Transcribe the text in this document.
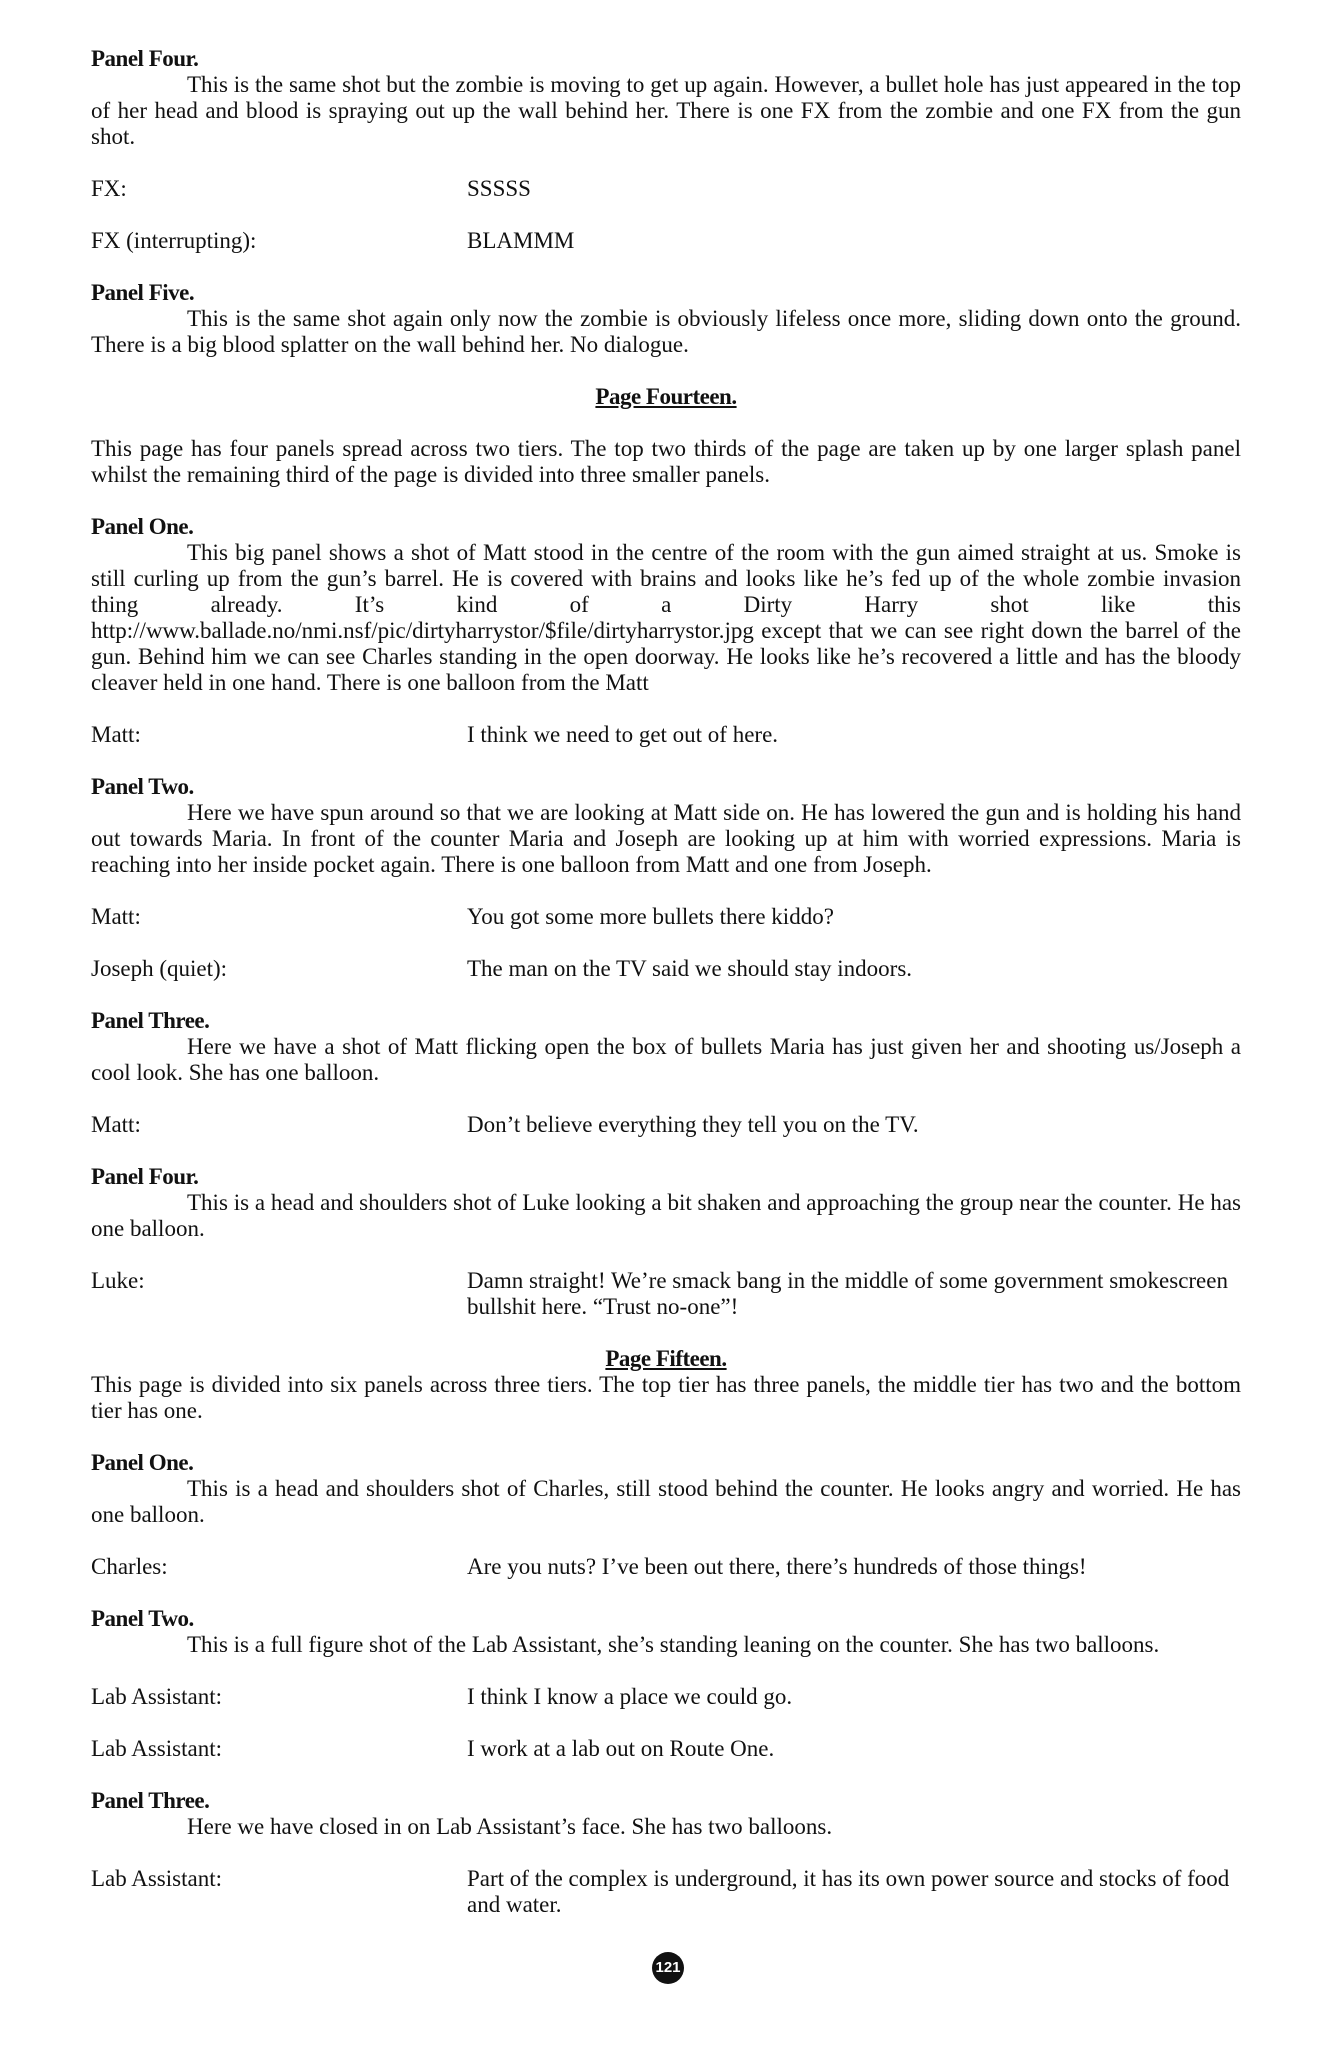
Panel Four.

This is the same shot but the zombie is moving to get up again. However, a bullet hole has just appeared in the top of her head and blood is spraying out up the wall behind her. There is one FX from the zombie and one FX from the gun shot.

FX:	SSSSS
FX (interrupting):	BLAMMM
Panel Five.

This is the same shot again only now the zombie is obviously lifeless once more, sliding down onto the ground. There is a big blood splatter on the wall behind her. No dialogue.

Page Fourteen.

This page has four panels spread across two tiers. The top two thirds of the page are taken up by one larger splash panel whilst the remaining third of the page is divided into three smaller panels.

Panel One.

This big panel shows a shot of Matt stood in the centre of the room with the gun aimed straight at us. Smoke is still curling up from the gun’s barrel. He is covered with brains and looks like he’s fed up of the whole zombie invasion thing already. It’s kind of a Dirty Harry shot like this http://www.ballade.no/nmi.nsf/pic/dirtyharrystor/$file/dirtyharrystor.jpg except that we can see right down the barrel of the gun. Behind him we can see Charles standing in the open doorway. He looks like he’s recovered a little and has the bloody cleaver held in one hand. There is one balloon from the Matt

Matt:	I think we need to get out of here.
Panel Two.

Here we have spun around so that we are looking at Matt side on. He has lowered the gun and is holding his hand out towards Maria. In front of the counter Maria and Joseph are looking up at him with worried expressions. Maria is reaching into her inside pocket again. There is one balloon from Matt and one from Joseph.

Matt:	You got some more bullets there kiddo?
Joseph (quiet):	The man on the TV said we should stay indoors.
Panel Three.

Here we have a shot of Matt flicking open the box of bullets Maria has just given her and shooting us/Joseph a cool look. She has one balloon.

Matt:	Don’t believe everything they tell you on the TV.
Panel Four.

This is a head and shoulders shot of Luke looking a bit shaken and approaching the group near the counter. He has one balloon.

Luke:	Damn straight! We’re smack bang in the middle of some government smokescreen bullshit here. “Trust no-one”!
Page Fifteen.

This page is divided into six panels across three tiers. The top tier has three panels, the middle tier has two and the bottom tier has one.

Panel One.

This is a head and shoulders shot of Charles, still stood behind the counter. He looks angry and worried. He has one balloon.

Charles:	Are you nuts? I’ve been out there, there’s hundreds of those things!
Panel Two.

This is a full figure shot of the Lab Assistant, she’s standing leaning on the counter. She has two balloons.

Lab Assistant:	I think I know a place we could go.
Lab Assistant:	I work at a lab out on Route One.
Panel Three.

Here we have closed in on Lab Assistant’s face. She has two balloons.

Lab Assistant:	Part of the complex is underground, it has its own power source and stocks of food and water.
121
